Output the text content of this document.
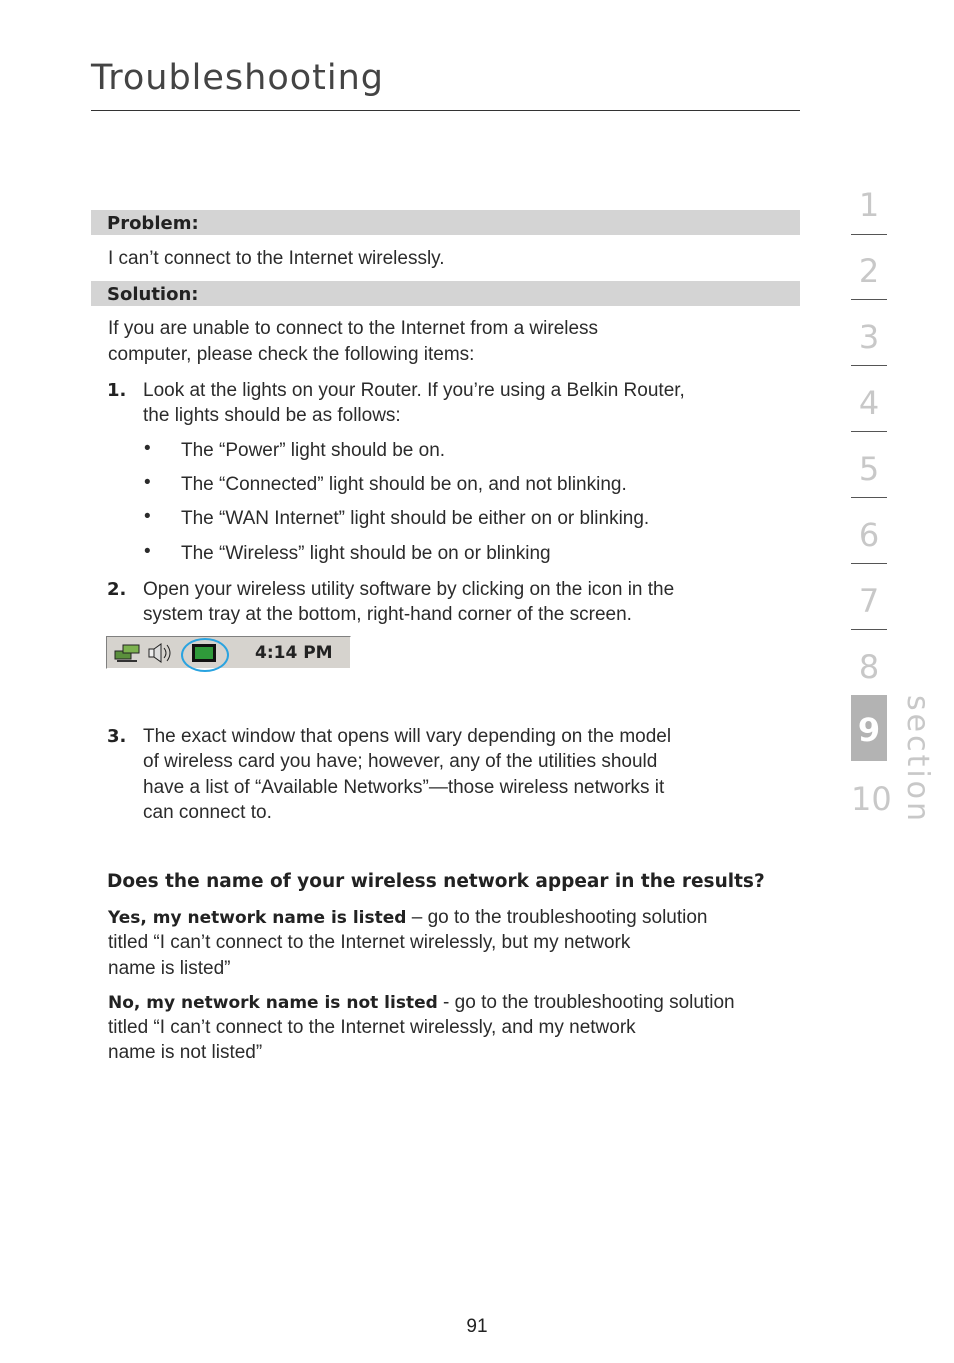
Troubleshooting
Problem:
I can’t connect to the Internet wirelessly.
Solution:
If you are unable to connect to the Internet from a wireless
computer, please check the following items:
1. Look at the lights on your Router. If you’re using a Belkin Router,
the lights should be as follows:
• The “Power” light should be on.
• The “Connected” light should be on, and not blinking.
• The “WAN Internet” light should be either on or blinking.
• The “Wireless” light should be on or blinking
2. Open your wireless utility software by clicking on the icon in the
system tray at the bottom, right-hand corner of the screen.
4:14 PM
3. The exact window that opens will vary depending on the model
of wireless card you have; however, any of the utilities should
have a list of “Available Networks”—those wireless networks it
can connect to.
Does the name of your wireless network appear in the results?
Yes, my network name is listed – go to the troubleshooting solution
titled “I can’t connect to the Internet wirelessly, but my network
name is listed”
No, my network name is not listed - go to the troubleshooting solution
titled “I can’t connect to the Internet wirelessly, and my network
name is not listed”
1
2
3
4
5
6
7
8
9
10 section
91
